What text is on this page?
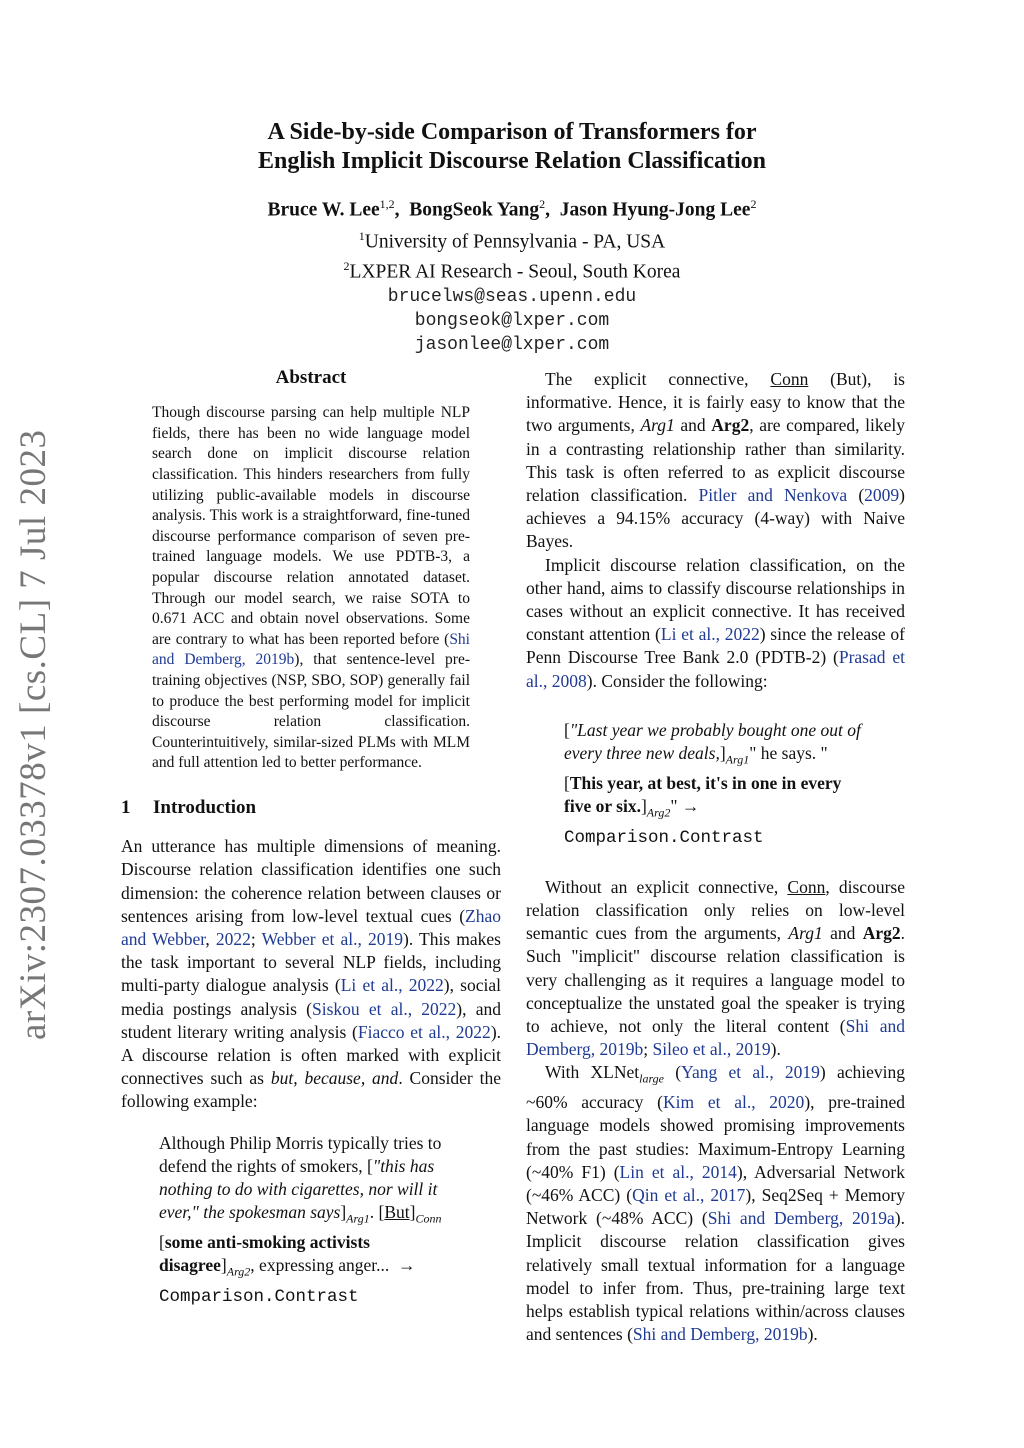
arXiv:2307.03378v1 [cs.CL] 7 Jul 2023
A Side-by-side Comparison of Transformers for
English Implicit Discourse Relation Classification
Bruce W. Lee$^{1,2}$,  BongSeok Yang$^2$,  Jason Hyung-Jong Lee$^2$
$^1$University of Pennsylvania - PA, USA
$^2$LXPER AI Research - Seoul, South Korea
brucelws@seas.upenn.edu
bongseok@lxper.com
jasonlee@lxper.com
Abstract

Though discourse parsing can help multiple NLP fields, there has been no wide language model search done on implicit discourse relation classification. This hinders researchers from fully utilizing public-available models in discourse analysis. This work is a straightforward, fine-tuned discourse performance comparison of seven pre-trained language models. We use PDTB-3, a popular discourse relation annotated dataset. Through our model search, we raise SOTA to 0.671 ACC and obtain novel observations. Some are contrary to what has been reported before (Shi and Demberg, 2019b), that sentence-level pre-training objectives (NSP, SBO, SOP) generally fail to produce the best performing model for implicit discourse relation classification. Counterintuitively, similar-sized PLMs with MLM and full attention led to better performance.

1 Introduction

An utterance has multiple dimensions of meaning. Discourse relation classification identifies one such dimension: the coherence relation between clauses or sentences arising from low-level textual cues (Zhao and Webber, 2022; Webber et al., 2019). This makes the task important to several NLP fields, including multi-party dialogue analysis (Li et al., 2022), social media postings analysis (Siskou et al., 2022), and student literary writing analysis (Fiacco et al., 2022). A discourse relation is often marked with explicit connectives such as but, because, and. Consider the following example:

Although Philip Morris typically tries to defend the rights of smokers, ["this has nothing to do with cigarettes, nor will it ever," the spokesman $says]_{Arg1}$. $[But]_{Conn}$ [some anti-smoking activists $disagree]_{Arg2}$, expressing anger... →
Comparison.Contrast

The explicit connective, Conn (But), is informative. Hence, it is fairly easy to know that the two arguments, Arg1 and Arg2, are compared, likely in a contrasting relationship rather than similarity. This task is often referred to as explicit discourse relation classification. Pitler and Nenkova (2009) achieves a 94.15% accuracy (4-way) with Naive Bayes.

Implicit discourse relation classification, on the other hand, aims to classify discourse relationships in cases without an explicit connective. It has received constant attention (Li et al., 2022) since the release of Penn Discourse Tree Bank 2.0 (PDTB-2) (Prasad et al., 2008). Consider the following:

["Last year we probably bought one out of every three new $deals,]_{Arg1}$" he says. "[This year, at best, it's in one in every five or $six.]_{Arg2}$" →
Comparison.Contrast

Without an explicit connective, Conn, discourse relation classification only relies on low-level semantic cues from the arguments, Arg1 and Arg2. Such "implicit" discourse relation classification is very challenging as it requires a language model to conceptualize the unstated goal the speaker is trying to achieve, not only the literal content (Shi and Demberg, 2019b; Sileo et al., 2019).

With XLNet$_{large}$ (Yang et al., 2019) achieving ~60% accuracy (Kim et al., 2020), pre-trained language models showed promising improvements from the past studies: Maximum-Entropy Learning (~40% F1) (Lin et al., 2014), Adversarial Network (~46% ACC) (Qin et al., 2017), Seq2Seq + Memory Network (~48% ACC) (Shi and Demberg, 2019a). Implicit discourse relation classification gives relatively small textual information for a language model to infer from. Thus, pre-training large text helps establish typical relations within/across clauses and sentences (Shi and Demberg, 2019b).
